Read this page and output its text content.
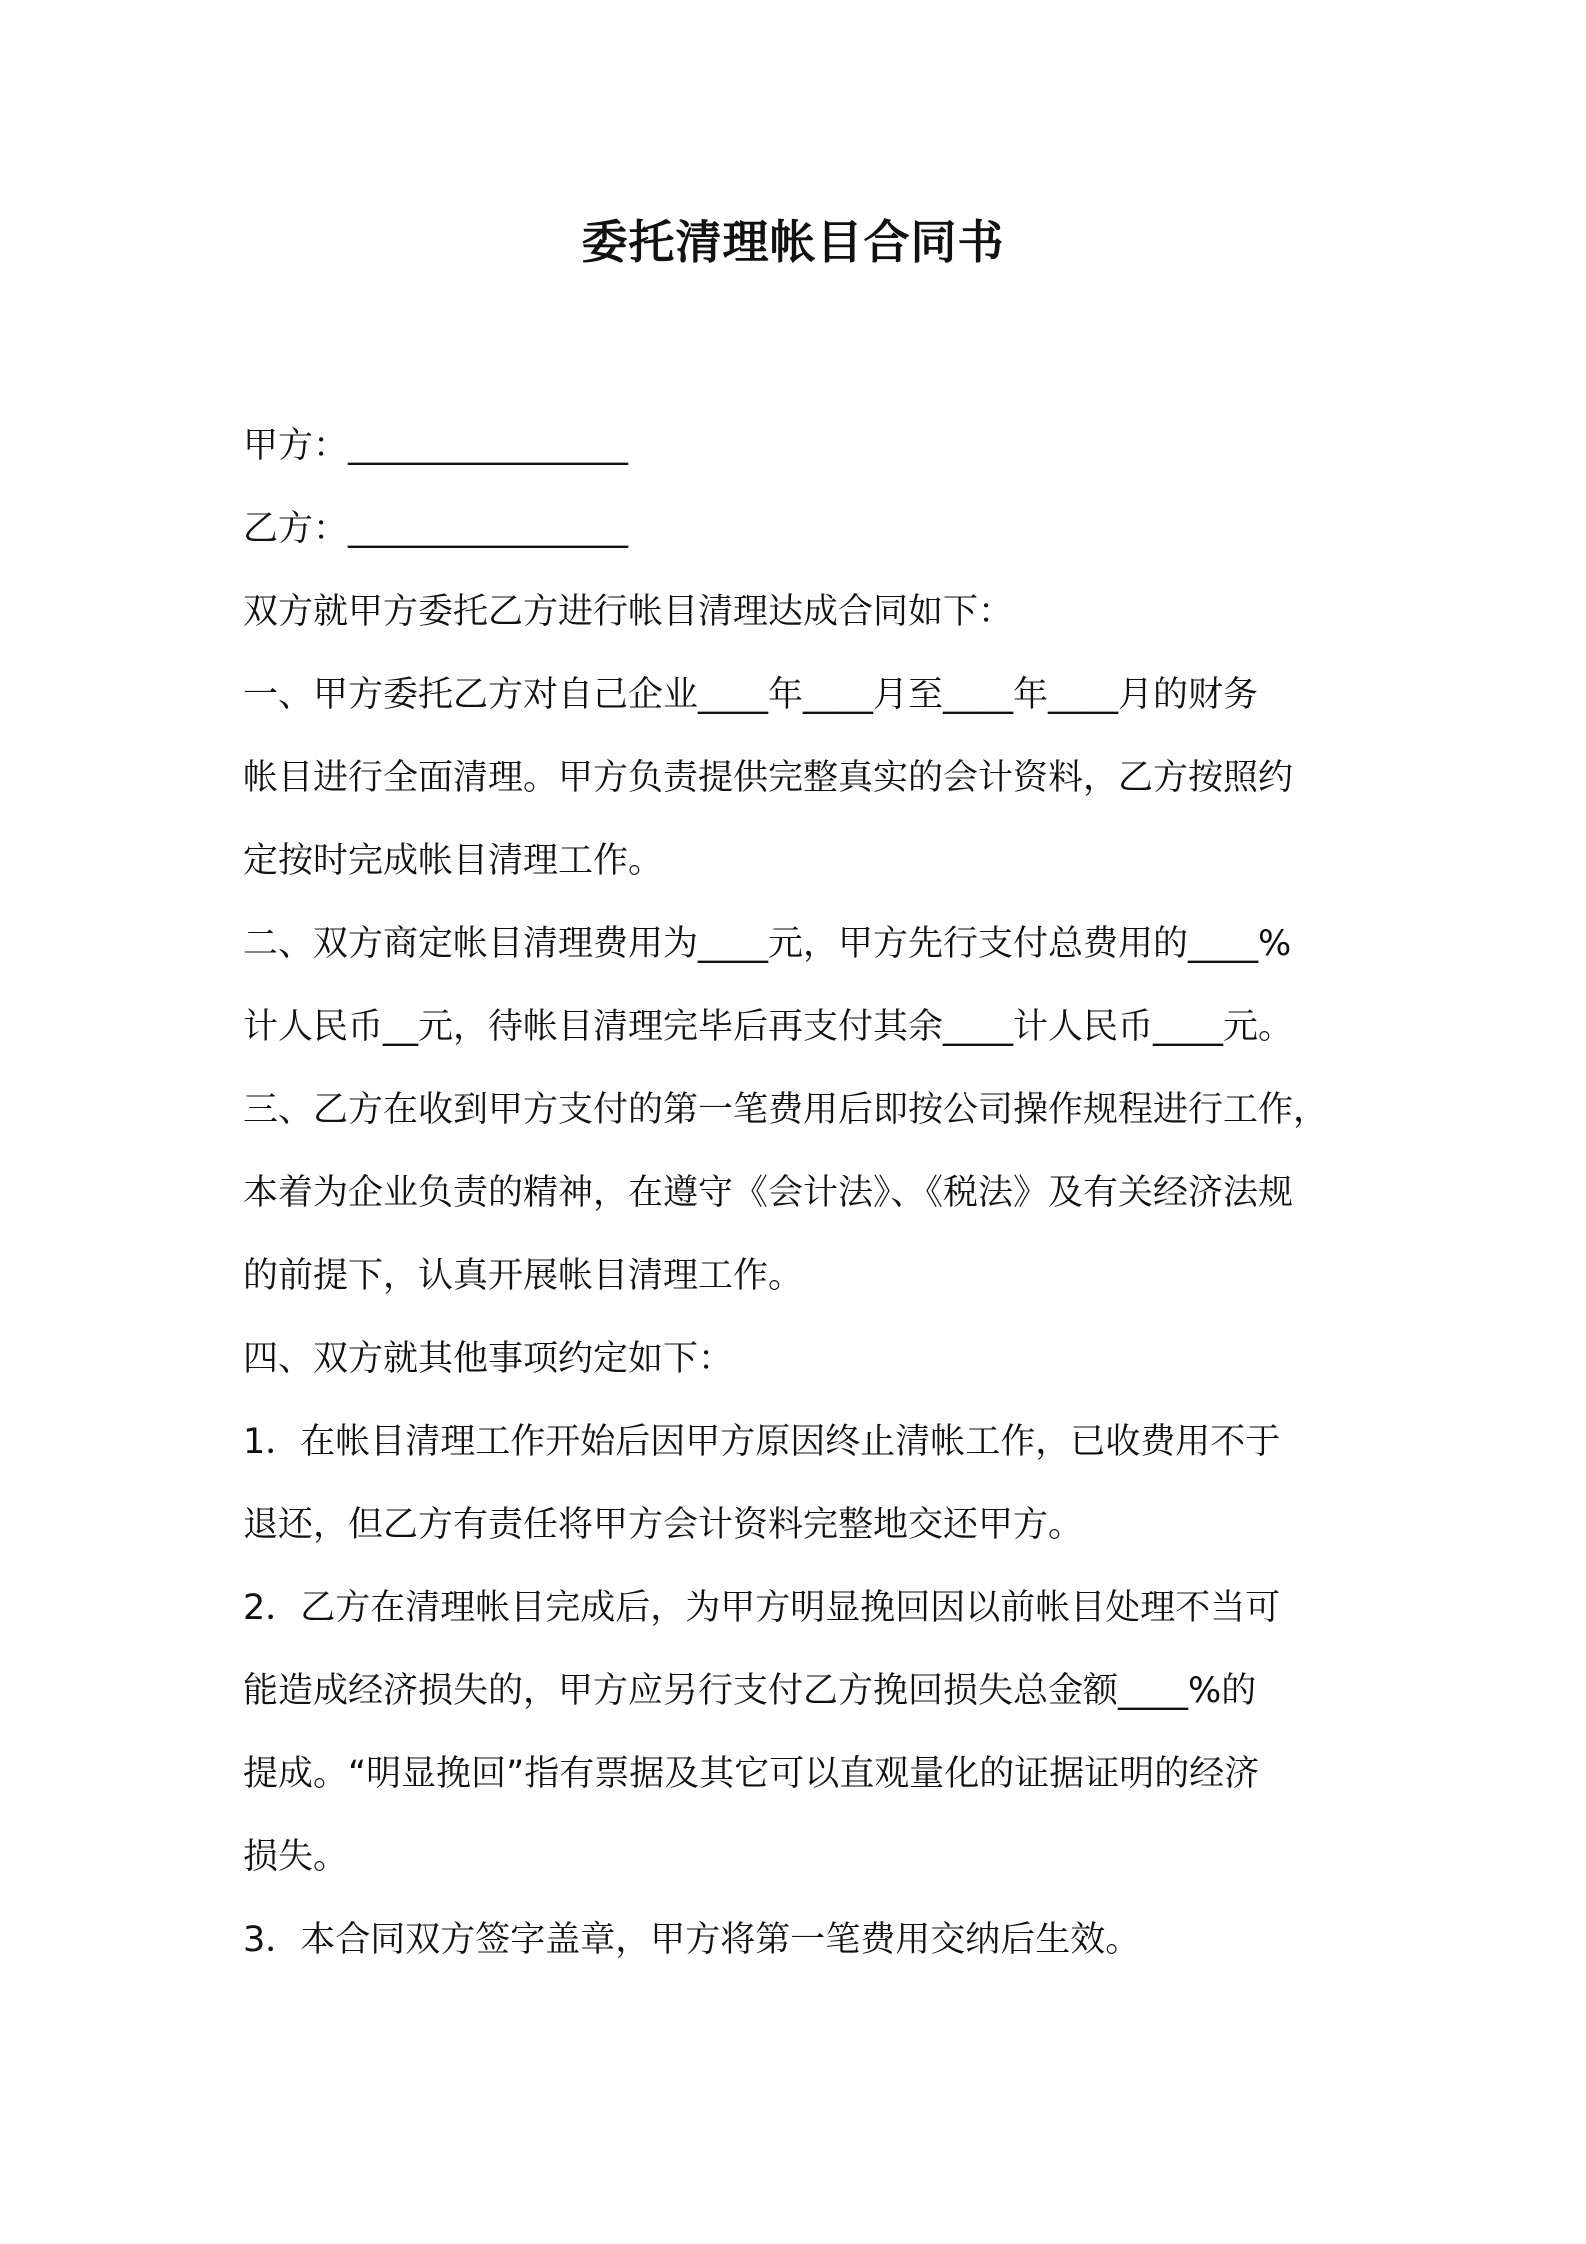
委托清理帐目合同书
甲方：________________
乙方：________________
双方就甲方委托乙方进行帐目清理达成合同如下：
一、甲方委托乙方对自己企业____年____月至____年____月的财务
帐目进行全面清理。甲方负责提供完整真实的会计资料，乙方按照约
定按时完成帐目清理工作。
二、双方商定帐目清理费用为____元，甲方先行支付总费用的____%
计人民币__元，待帐目清理完毕后再支付其余____计人民币____元。
三、乙方在收到甲方支付的第一笔费用后即按公司操作规程进行工作，
本着为企业负责的精神，在遵守《会计法》、《税法》及有关经济法规
的前提下，认真开展帐目清理工作。
四、双方就其他事项约定如下：
1．在帐目清理工作开始后因甲方原因终止清帐工作，已收费用不于
退还，但乙方有责任将甲方会计资料完整地交还甲方。
2．乙方在清理帐目完成后，为甲方明显挽回因以前帐目处理不当可
能造成经济损失的，甲方应另行支付乙方挽回损失总金额____%的
提成。“明显挽回”指有票据及其它可以直观量化的证据证明的经济
损失。
3．本合同双方签字盖章，甲方将第一笔费用交纳后生效。
